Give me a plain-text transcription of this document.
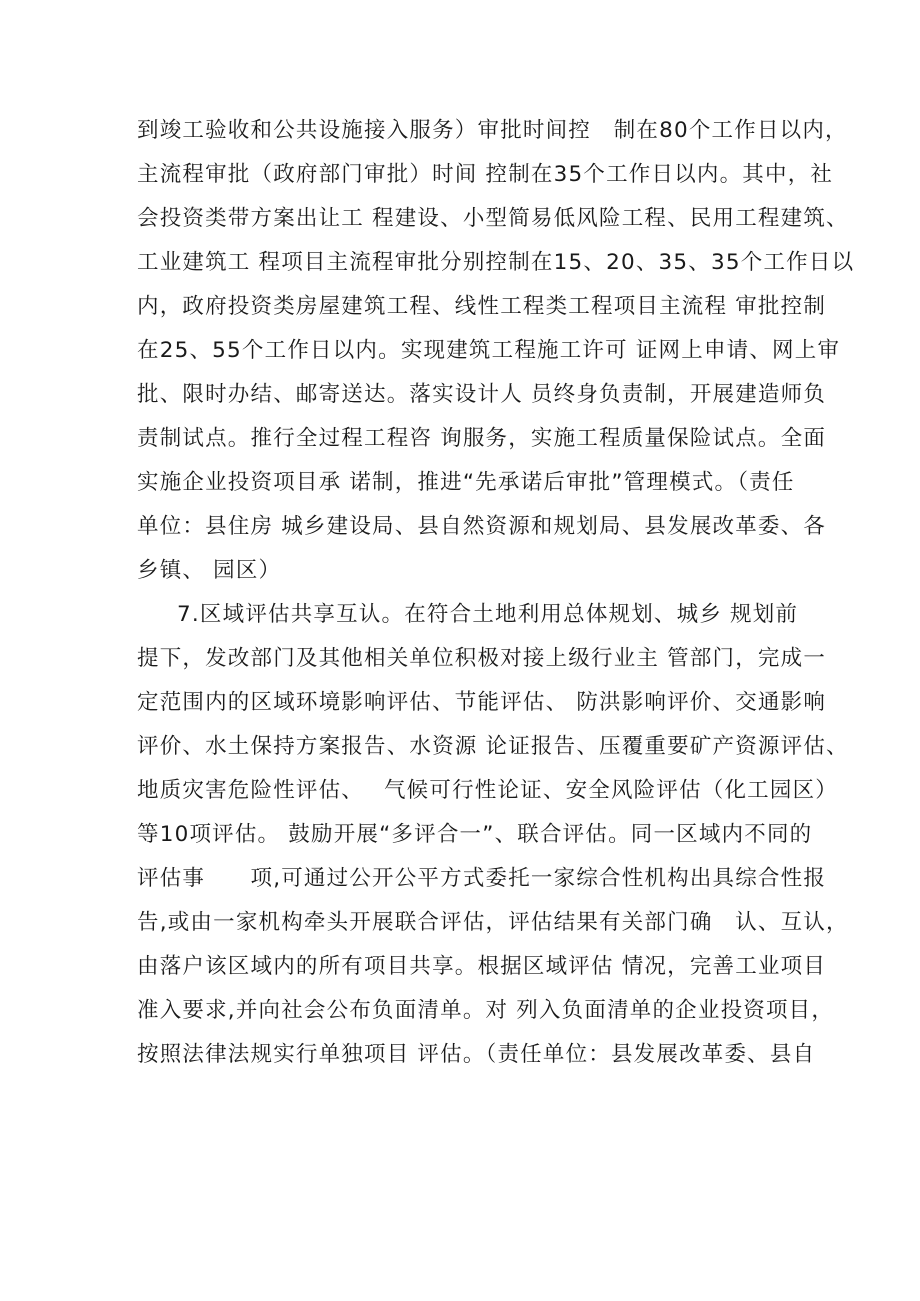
到竣工验收和公共设施接入服务）审批时间控　制在80个工作日以内，
主流程审批（政府部门审批）时间 控制在35个工作日以内。其中，社
会投资类带方案出让工 程建设、小型简易低风险工程、民用工程建筑、
工业建筑工 程项目主流程审批分别控制在15、20、35、35个工作日以
内，政府投资类房屋建筑工程、线性工程类工程项目主流程 审批控制
在25、55个工作日以内。实现建筑工程施工许可 证网上申请、网上审
批、限时办结、邮寄送达。落实设计人 员终身负责制，开展建造师负
责制试点。推行全过程工程咨 询服务，实施工程质量保险试点。全面
实施企业投资项目承 诺制，推进“先承诺后审批”管理模式。（责任
单位：县住房 城乡建设局、县自然资源和规划局、县发展改革委、各
乡镇、 园区）
7.区域评估共享互认。在符合土地利用总体规划、城乡 规划前
提下，发改部门及其他相关单位积极对接上级行业主 管部门，完成一
定范围内的区域环境影响评估、节能评估、 防洪影响评价、交通影响
评价、水土保持方案报告、水资源 论证报告、压覆重要矿产资源评估、
地质灾害危险性评估、　 气候可行性论证、安全风险评估（化工园区）
等10项评估。 鼓励开展“多评合一”、联合评估。同一区域内不同的
评估事　　项,可通过公开公平方式委托一家综合性机构出具综合性报
告,或由一家机构牵头开展联合评估，评估结果有关部门确　认、互认，
由落户该区域内的所有项目共享。根据区域评估 情况，完善工业项目
准入要求,并向社会公布负面清单。对 列入负面清单的企业投资项目，
按照法律法规实行单独项目 评估。（责任单位：县发展改革委、县自
